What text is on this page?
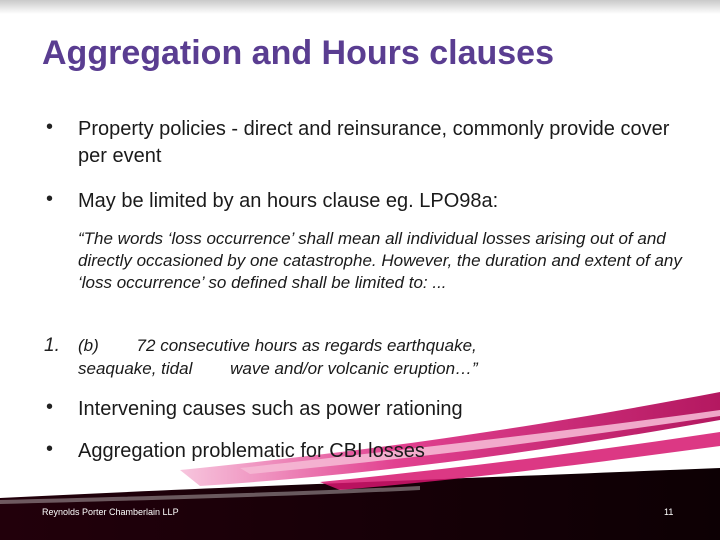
Aggregation and Hours clauses
•	Property policies - direct and reinsurance, commonly provide cover per event
•	May be limited by an hours clause eg. LPO98a:
“The words ‘loss occurrence’ shall mean all individual losses arising out of and directly occasioned by one catastrophe. However, the duration and extent of any ‘loss occurrence’ so defined shall be limited to: ...
1. (b)        72 consecutive hours as regards earthquake,
seaquake, tidal        wave and/or volcanic eruption…”
•	Intervening causes such as power rationing
•	Aggregation problematic for CBI losses
Reynolds Porter Chamberlain LLP	11
